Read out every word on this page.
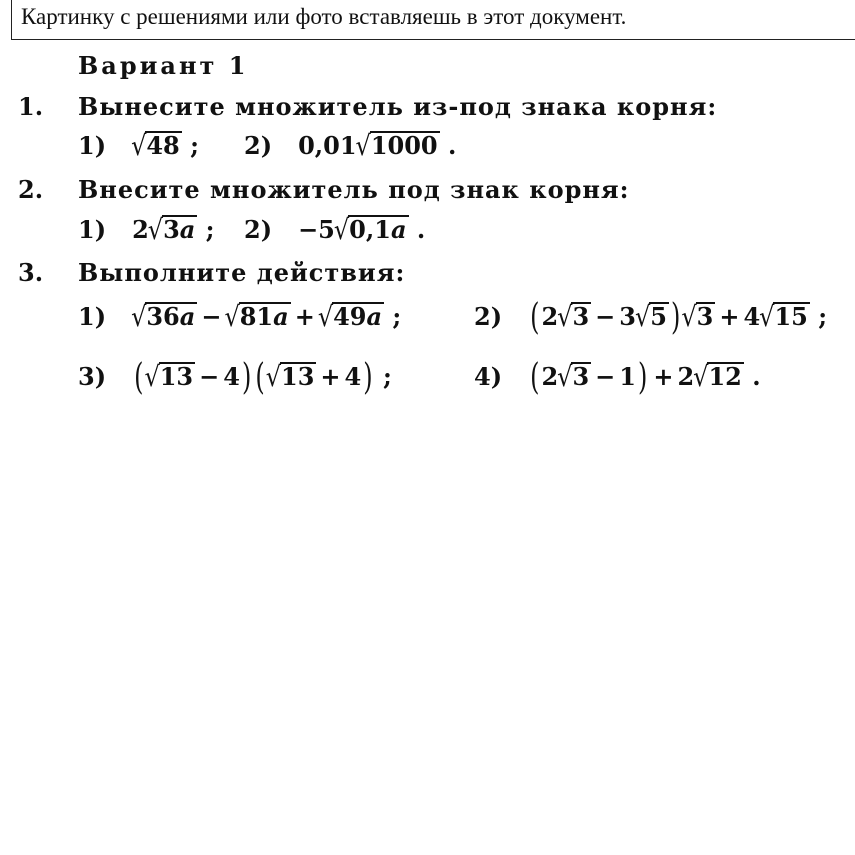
Картинку с решениями или фото вставляешь в этот документ.
Вариант 1
1. Вынесите множитель из-под знака корня:
1) √48 ; 2) 0,01 √1000 .
2. Внесите множитель под знак корня:
1) 2 √3a ; 2) −5 √0,1a .
3. Выполните действия:
1) √36a − √81a + √49a ;	2) ( 2 √3 − 3 √5 ) √3 + 4 √15 ;
3) ( √13 − 4 ) ( √13 + 4 ) ;	4) ( 2 √3 − 1 ) + 2 √12 .
